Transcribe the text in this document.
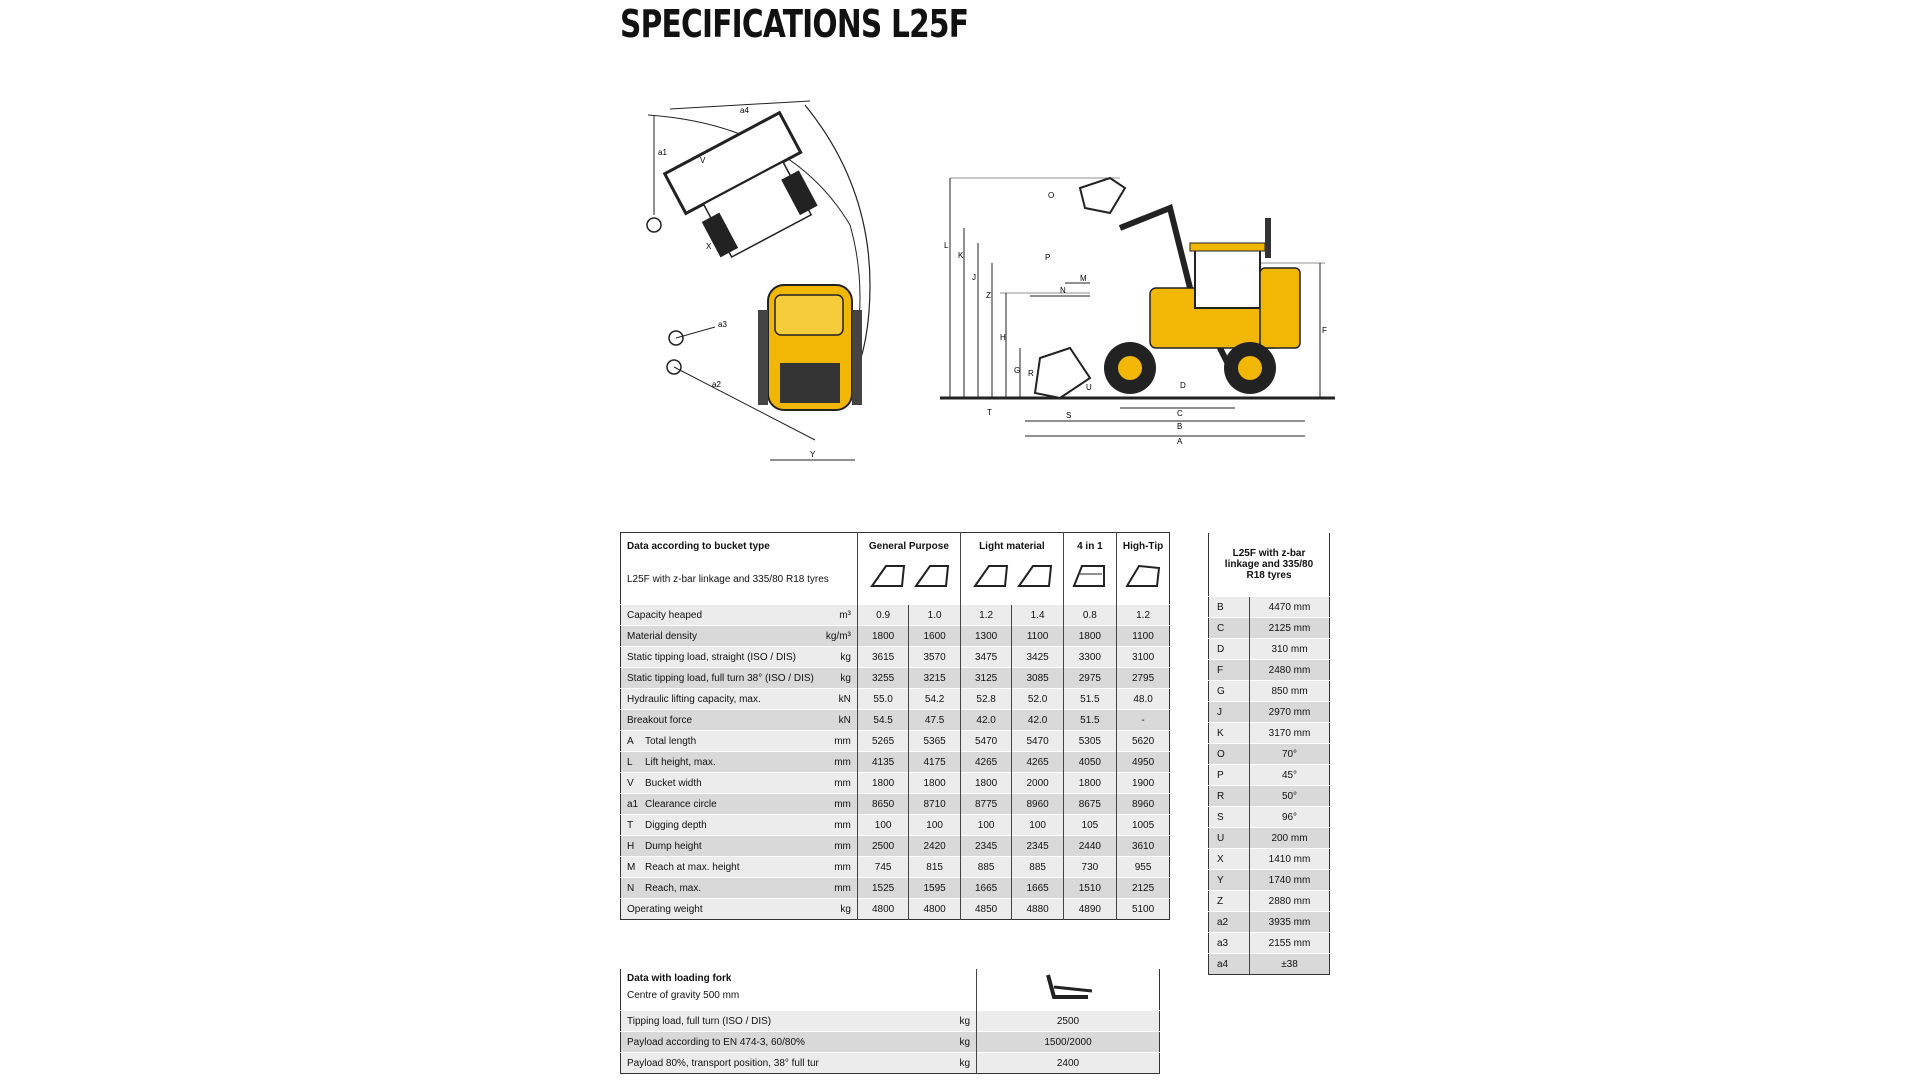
SPECIFICATIONS L25F
a4
a1
V
X
a3
a2
Y
O
K
L
J
Z
H
G R
M
N
P
F
D
U
S	C
B
A
T
Data according to bucket type
L25F with z-bar linkage and 335/80 R18 tyres		General Purpose		Light material		4 in 1	High-Tip

Capacity heaped	m³	0.9	1.0	1.2	1.4	0.8	1.2
Material density	kg/m³	1800	1600	1300	1100	1800	1100
Static tipping load, straight (ISO / DIS)	kg	3615	3570	3475	3425	3300	3100
Static tipping load, full turn 38° (ISO / DIS)	kg	3255	3215	3125	3085	2975	2795
Hydraulic lifting capacity, max.	kN	55.0	54.2	52.8	52.0	51.5	48.0
Breakout force	kN	54.5	47.5	42.0	42.0	51.5	-
A Total length	mm	5265	5365	5470	5470	5305	5620
L Lift height, max.	mm	4135	4175	4265	4265	4050	4950
V Bucket width	mm	1800	1800	1800	2000	1800	1900
a1 Clearance circle	mm	8650	8710	8775	8960	8675	8960
T Digging depth	mm	100	100	100	100	105	1005
H Dump height	mm	2500	2420	2345	2345	2440	3610
M Reach at max. height	mm	745	815	885	885	730	955
N Reach, max.	mm	1525	1595	1665	1665	1510	2125
Operating weight	kg	4800	4800	4850	4880	4890	5100
L25F with z-bar linkage and 335/80 R18 tyres	
B	4470 mm
C	2125 mm
D	310 mm
F	2480 mm
G	850 mm
J	2970 mm
K	3170 mm
O	70°
P	45°
R	50°
S	96°
U	200 mm
X	1410 mm
Y	1740 mm
Z	2880 mm
a2	3935 mm
a3	2155 mm
a4	±38
Data with loading fork
Centre of gravity 500 mm

Tipping load, full turn (ISO / DIS)	kg	2500
Payload according to EN 474-3, 60/80%	kg	1500/2000
Payload 80%, transport position, 38° full tur	kg	2400
